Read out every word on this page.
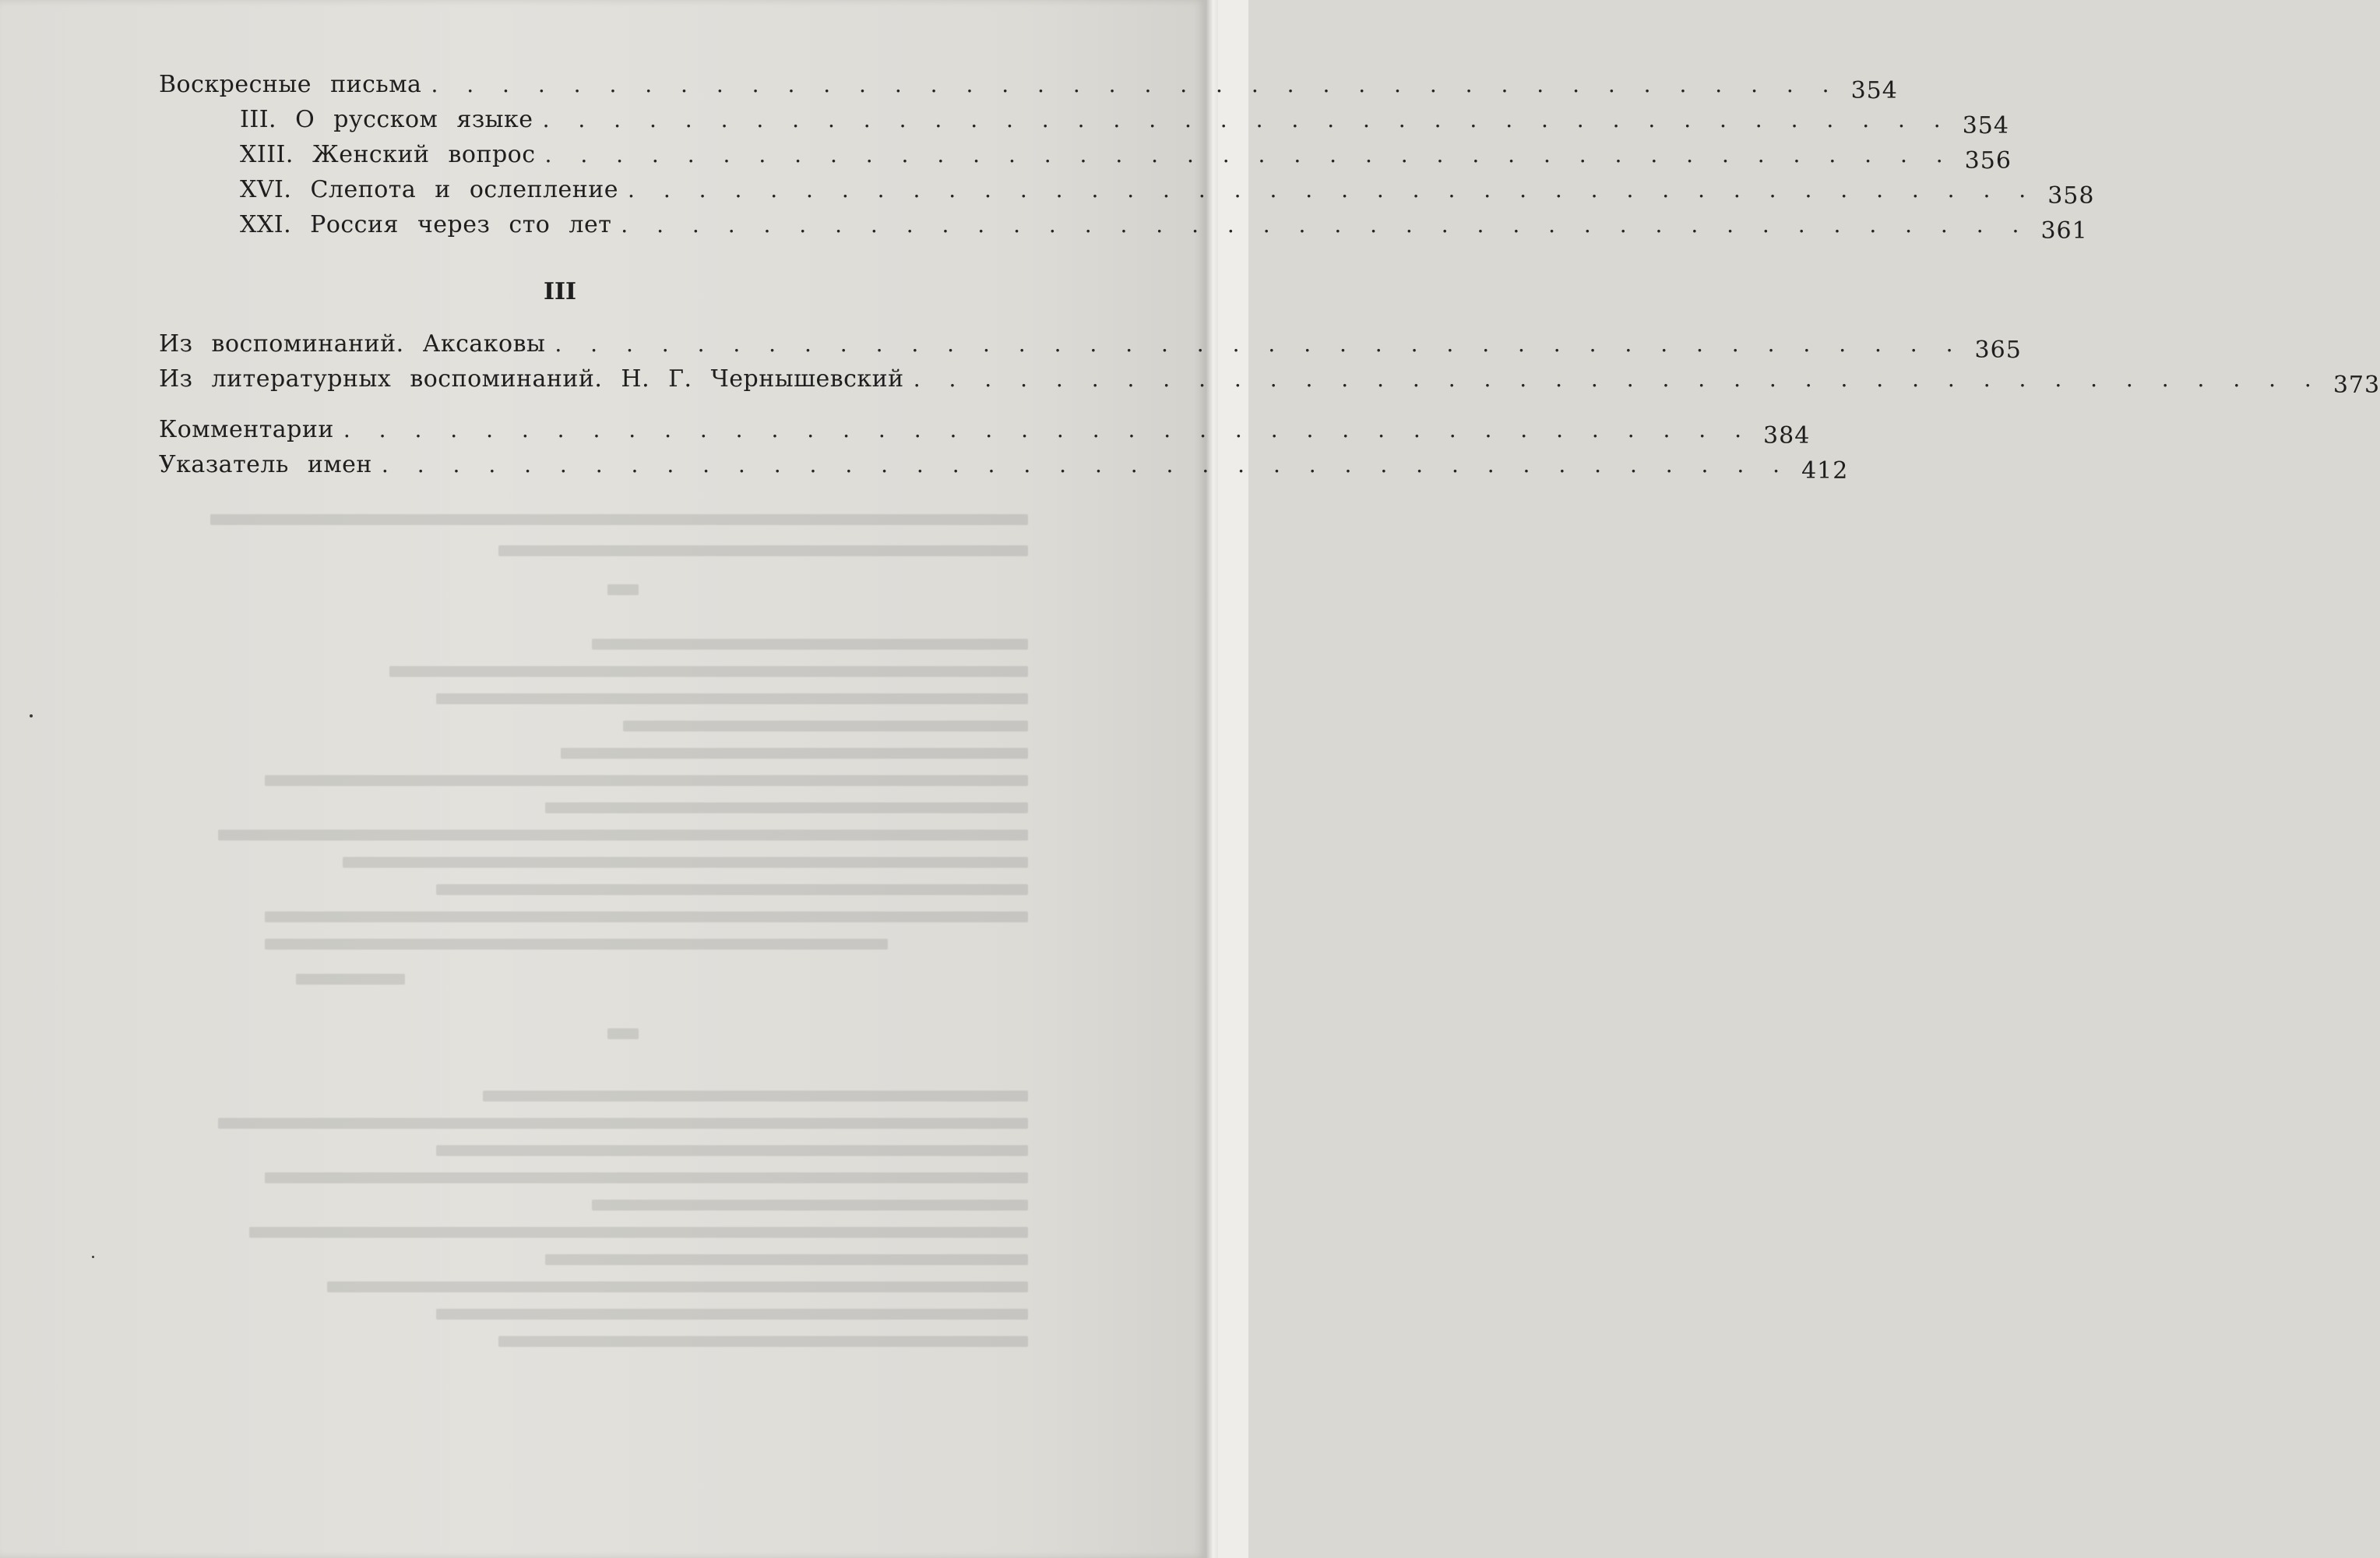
Воскресные письма . . . . . . . . . . . . . . . . . . . . . . . . . . . . . . . . . . . . . . . . 354
III. О русском языке . . . . . . . . . . . . . . . . . . . . . . . . . . . . . . . . . . . . . . . . 354
XIII. Женский вопрос . . . . . . . . . . . . . . . . . . . . . . . . . . . . . . . . . . . . . . . . 356
XVI. Слепота и ослепление . . . . . . . . . . . . . . . . . . . . . . . . . . . . . . . . . . . . . . . . 358
XXI. Россия через сто лет . . . . . . . . . . . . . . . . . . . . . . . . . . . . . . . . . . . . . . . . 361
III
Из воспоминаний. Аксаковы . . . . . . . . . . . . . . . . . . . . . . . . . . . . . . . . . . . . . . . . 365
Из литературных воспоминаний. Н. Г. Чернышевский . . . . . . . . . . . . . . . . . . . . . . . . . . . . . . . . . . . . . . . . 373
Комментарии . . . . . . . . . . . . . . . . . . . . . . . . . . . . . . . . . . . . . . . . 384
Указатель имен . . . . . . . . . . . . . . . . . . . . . . . . . . . . . . . . . . . . . . . . 412
